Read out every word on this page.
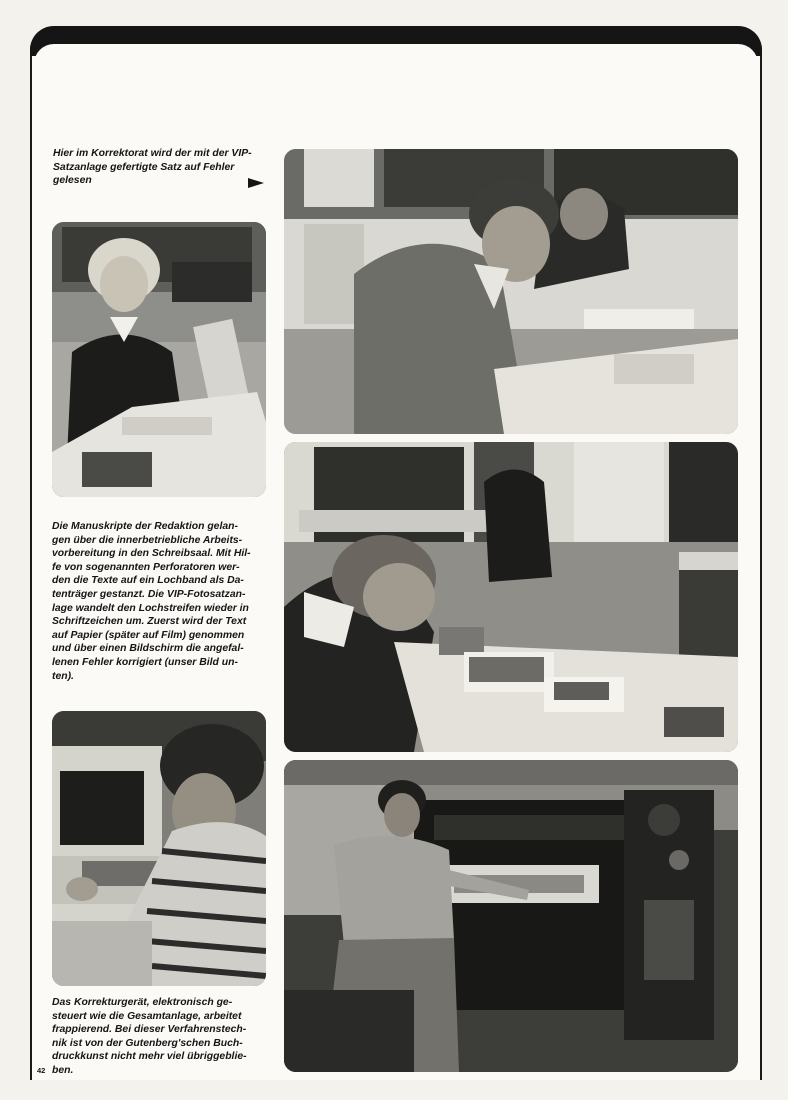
Hier im Korrektorat wird der mit der VIP-
Satzanlage gefertigte Satz auf Fehler
gelesen
Die Manuskripte der Redaktion gelan-
gen über die innerbetriebliche Arbeits-
vorbereitung in den Schreibsaal. Mit Hil-
fe von sogenannten Perforatoren wer-
den die Texte auf ein Lochband als Da-
tenträger gestanzt. Die VIP-Fotosatzan-
lage wandelt den Lochstreifen wieder in
Schriftzeichen um. Zuerst wird der Text
auf Papier (später auf Film) genommen
und über einen Bildschirm die angefal-
lenen Fehler korrigiert (unser Bild un-
ten).
Das Korrekturgerät, elektronisch ge-
steuert wie die Gesamtanlage, arbeitet
frappierend. Bei dieser Verfahrenstech-
nik ist von der Gutenberg'schen Buch-
druckkunst nicht mehr viel übriggeblie-
ben.
42
